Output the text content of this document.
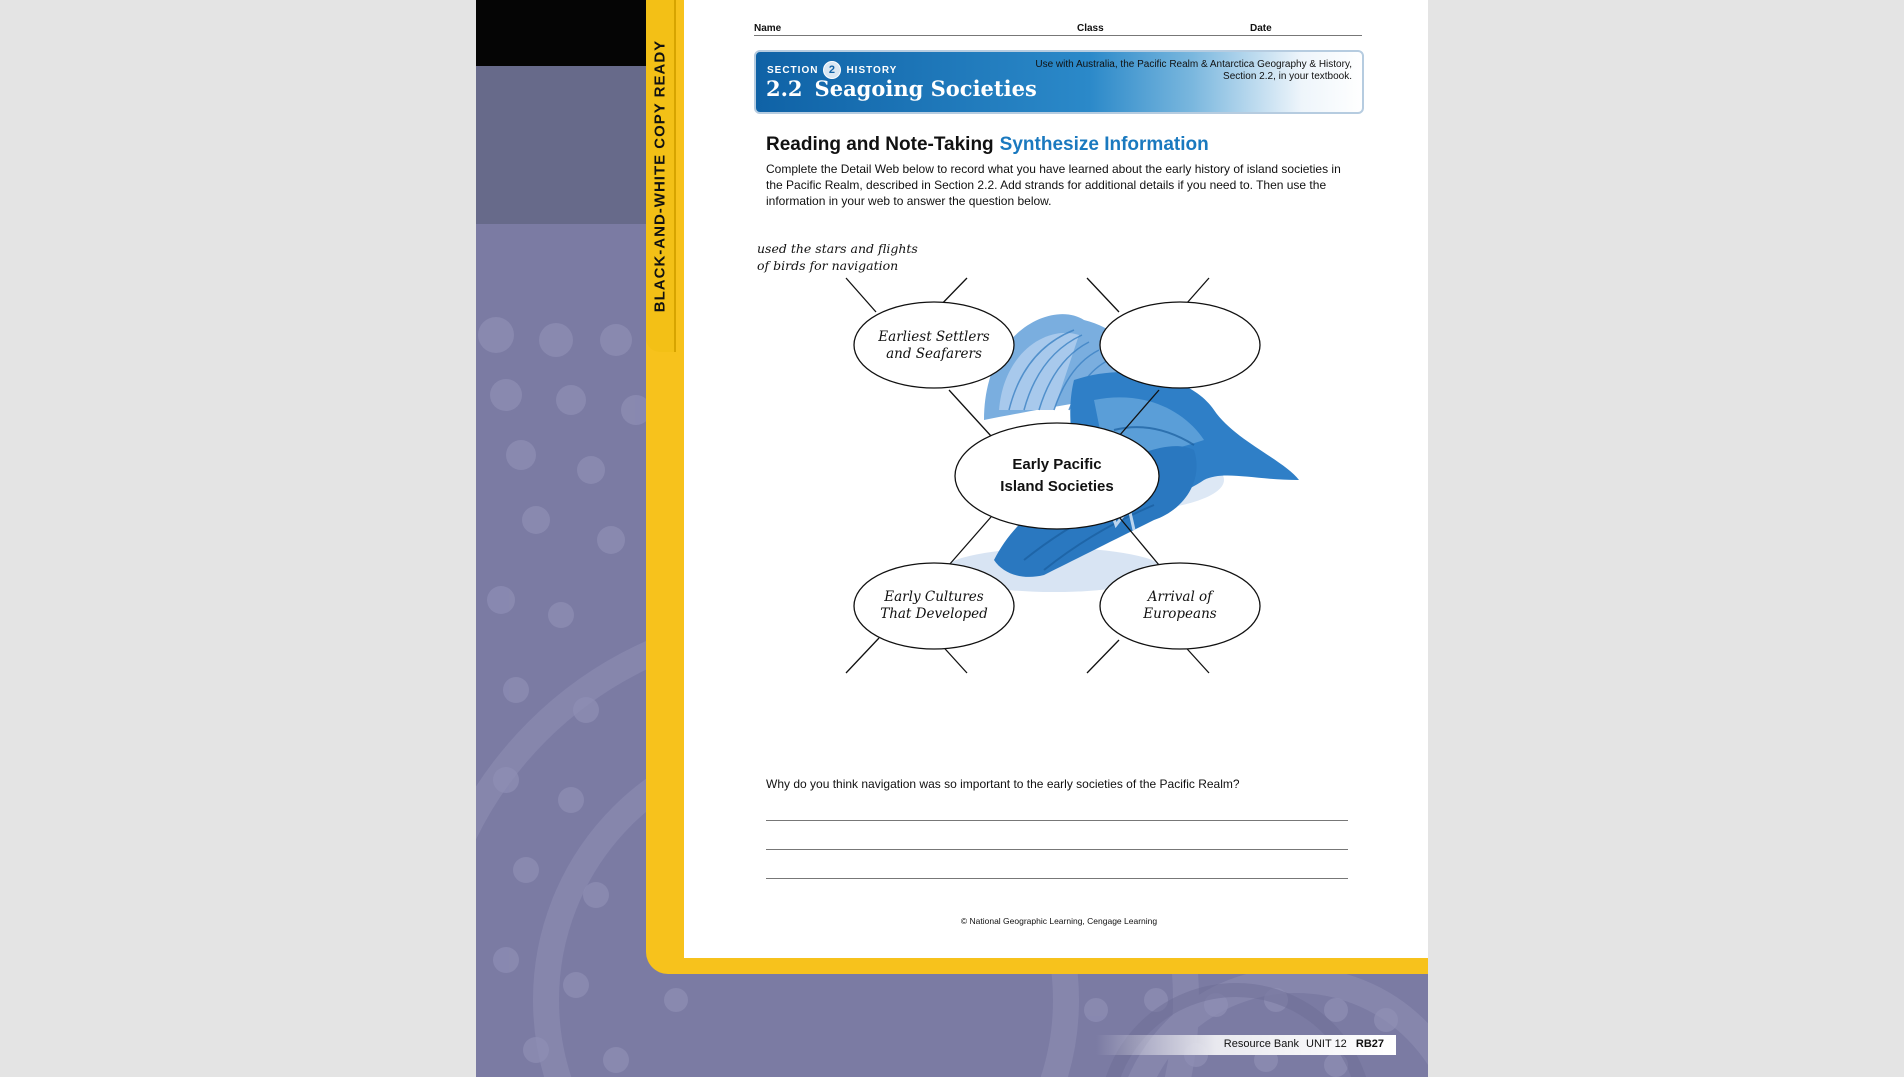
BLACK-AND-WHITE COPY READY
Name	Class	Date
SECTION 2	HISTORY
2.2 Seagoing Societies
Use with Australia, the Pacific Realm & Antarctica Geography & History,
Section 2.2, in your textbook.
Reading and Note-Taking Synthesize Information
Complete the Detail Web below to record what you have learned about the early history of island societies in the Pacific Realm, described in Section 2.2. Add strands for additional details if you need to. Then use the information in your web to answer the question below.
used the stars and flights
of birds for navigation
Earliest Settlers
and Seafarers
Early Pacific
Island Societies
Early Cultures
That Developed
Arrival of
Europeans
Why do you think navigation was so important to the early societies of the Pacific Realm?
© National Geographic Learning, Cengage Learning
Resource Bank UNIT 12 RB27
